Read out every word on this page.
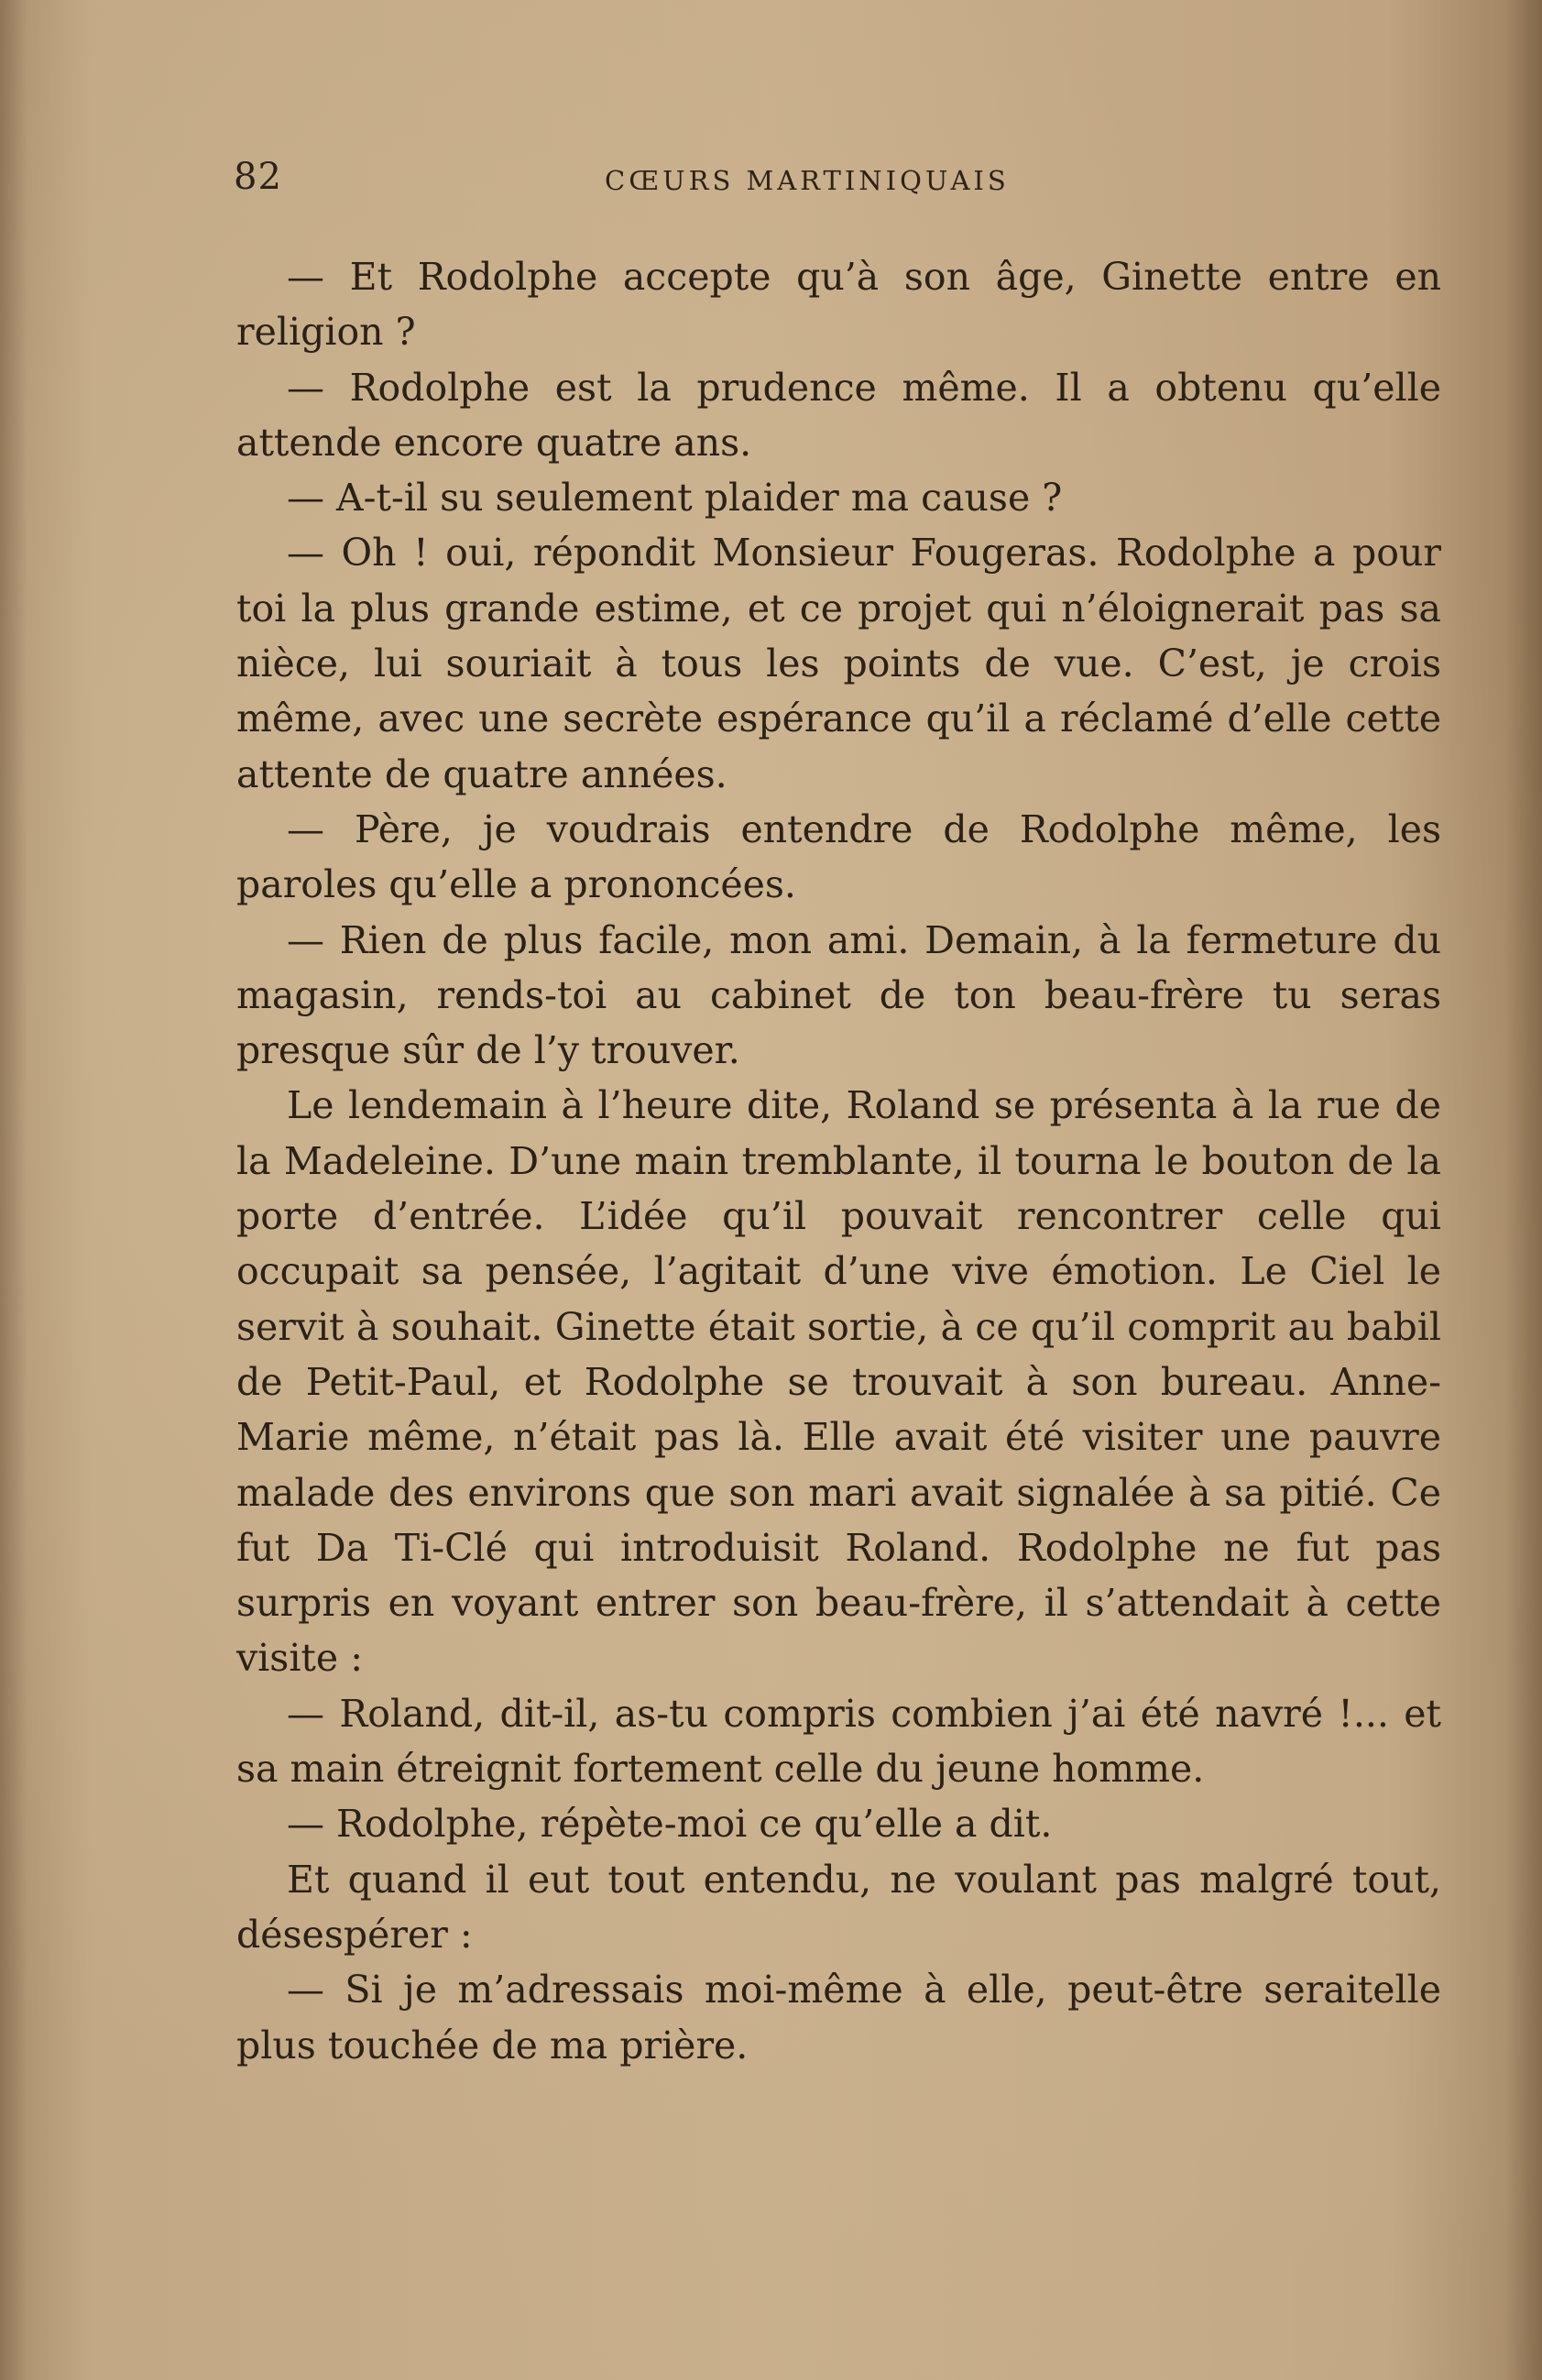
82	CŒURS MARTINIQUAIS

— Et Rodolphe accepte qu’à son âge, Ginette entre en religion ?

— Rodolphe est la prudence même. Il a obtenu qu’elle attende encore quatre ans.

— A-t-il su seulement plaider ma cause ?

— Oh ! oui, répondit Monsieur Fougeras. Rodolphe a pour toi la plus grande estime, et ce projet qui n’éloignerait pas sa nièce, lui souriait à tous les points de vue. C’est, je crois même, avec une secrète espérance qu’il a réclamé d’elle cette attente de quatre années.

— Père, je voudrais entendre de Rodolphe même, les paroles qu’elle a prononcées.

— Rien de plus facile, mon ami. Demain, à la fermeture du magasin, rends-toi au cabinet de ton beau-frère tu seras presque sûr de l’y trouver.

Le lendemain à l’heure dite, Roland se présenta à la rue de la Madeleine. D’une main tremblante, il tourna le bouton de la porte d’entrée. L’idée qu’il pouvait rencontrer celle qui occupait sa pensée, l’agitait d’une vive émotion. Le Ciel le servit à souhait. Ginette était sortie, à ce qu’il comprit au babil de Petit-Paul, et Rodolphe se trouvait à son bureau. Anne-Marie même, n’était pas là. Elle avait été visiter une pauvre malade des environs que son mari avait signalée à sa pitié. Ce fut Da Ti-Clé qui introduisit Roland. Rodolphe ne fut pas surpris en voyant entrer son beau-frère, il s’attendait à cette visite :

— Roland, dit-il, as-tu compris combien j’ai été navré !... et sa main étreignit fortement celle du jeune homme.

— Rodolphe, répète-moi ce qu’elle a dit.

Et quand il eut tout entendu, ne voulant pas malgré tout, désespérer :

— Si je m’adressais moi-même à elle, peut-être seraitelle plus touchée de ma prière.
